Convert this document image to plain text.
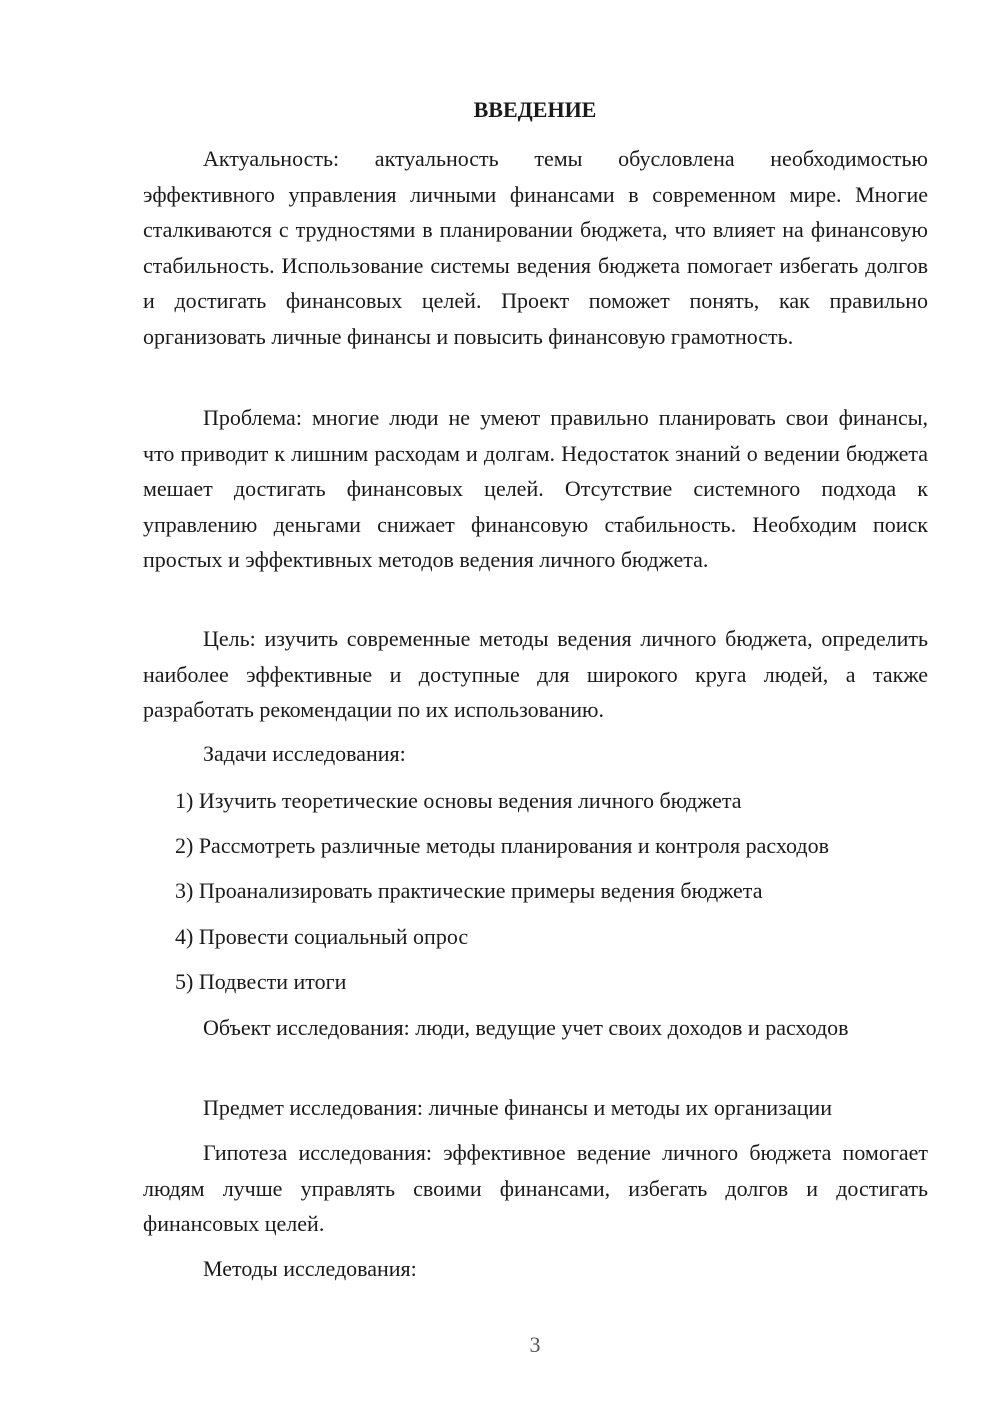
ВВЕДЕНИЕ

Актуальность: актуальность темы обусловлена необходимостью эффективного управления личными финансами в современном мире. Многие сталкиваются с трудностями в планировании бюджета, что влияет на финансовую стабильность. Использование системы ведения бюджета помогает избегать долгов и достигать финансовых целей. Проект поможет понять, как правильно организовать личные финансы и повысить финансовую грамотность.

Проблема: многие люди не умеют правильно планировать свои финансы, что приводит к лишним расходам и долгам. Недостаток знаний о ведении бюджета мешает достигать финансовых целей. Отсутствие системного подхода к управлению деньгами снижает финансовую стабильность. Необходим поиск простых и эффективных методов ведения личного бюджета.

Цель: изучить современные методы ведения личного бюджета, определить наиболее эффективные и доступные для широкого круга людей, а также разработать рекомендации по их использованию.

Задачи исследования:

1) Изучить теоретические основы ведения личного бюджета

2) Рассмотреть различные методы планирования и контроля расходов

3) Проанализировать практические примеры ведения бюджета

4) Провести социальный опрос

5) Подвести итоги

Объект исследования: люди, ведущие учет своих доходов и расходов

Предмет исследования: личные финансы и методы их организации

Гипотеза исследования: эффективное ведение личного бюджета помогает людям лучше управлять своими финансами, избегать долгов и достигать финансовых целей.

Методы исследования:

3
